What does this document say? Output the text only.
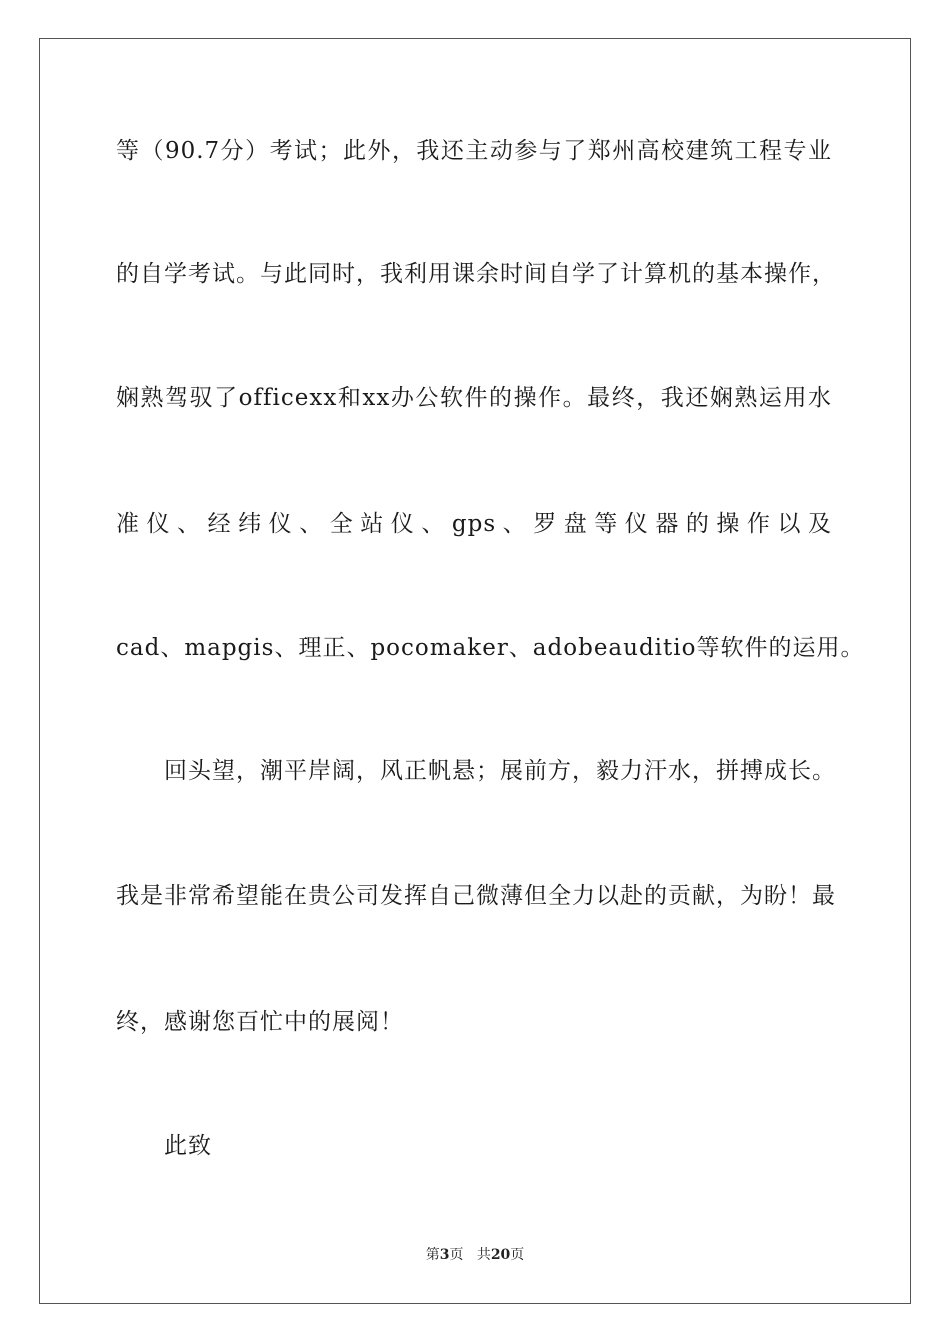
等（90.7分）考试；此外，我还主动参与了郑州高校建筑工程专业
的自学考试。与此同时，我利用课余时间自学了计算机的基本操作，
娴熟驾驭了officexx和xx办公软件的操作。最终，我还娴熟运用水
准仪、经纬仪、全站仪、gps、罗盘等仪器的操作以及
cad、mapgis、理正、pocomaker、adobeauditio等软件的运用。
回头望，潮平岸阔，风正帆悬；展前方，毅力汗水，拼搏成长。
我是非常希望能在贵公司发挥自己微薄但全力以赴的贡献，为盼！最
终，感谢您百忙中的展阅！
此致
第3页 共20页
